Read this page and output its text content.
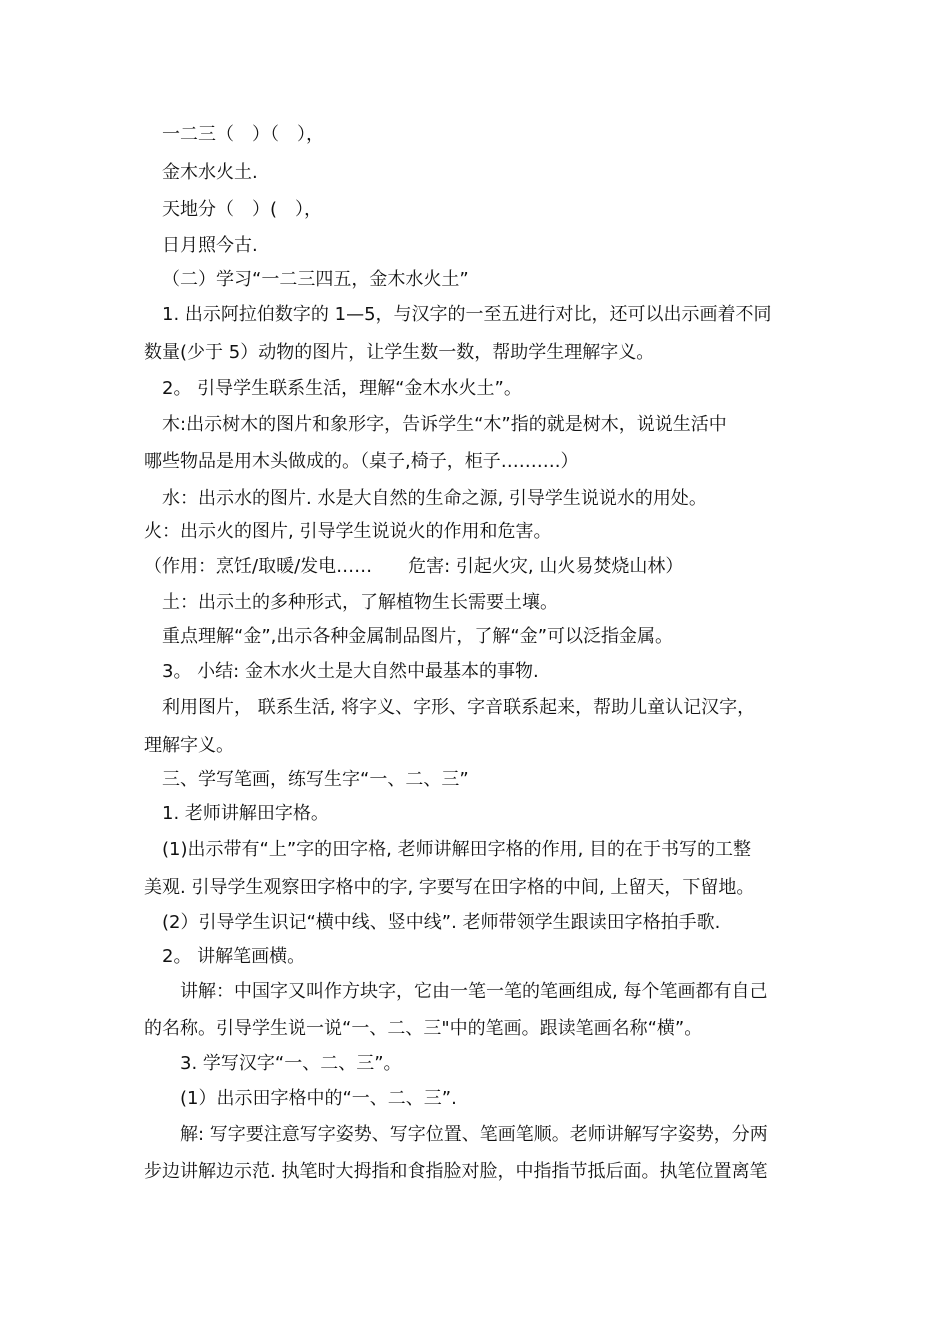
一二三（　）（　），
金木水火土.
天地分（　）(　），
日月照今古.
（二）学习“一二三四五，金木水火土”
1. 出示阿拉伯数字的 1—5，与汉字的一至五进行对比，还可以出示画着不同
数量(少于 5）动物的图片，让学生数一数，帮助学生理解字义。
2。 引导学生联系生活，理解“金木水火土”。
木:出示树木的图片和象形字，告诉学生“木”指的就是树木，说说生活中
哪些物品是用木头做成的。（桌子,椅子，柜子……….）
水：出示水的图片. 水是大自然的生命之源, 引导学生说说水的用处。
火：出示火的图片, 引导学生说说火的作用和危害。
（作用：烹饪/取暖/发电……　　危害: 引起火灾, 山火易焚烧山林）
土：出示土的多种形式，了解植物生长需要土壤。
重点理解“金”,出示各种金属制品图片，了解“金”可以泛指金属。
3。 小结: 金木水火土是大自然中最基本的事物.
利用图片， 联系生活, 将字义、字形、字音联系起来，帮助儿童认记汉字，
理解字义。
三、学写笔画，练写生字“一、二、三”
1. 老师讲解田字格。
(1)出示带有“上”字的田字格, 老师讲解田字格的作用, 目的在于书写的工整
美观. 引导学生观察田字格中的字, 字要写在田字格的中间, 上留天，下留地。
(2）引导学生识记“横中线、竖中线”. 老师带领学生跟读田字格拍手歌.
2。 讲解笔画横。
讲解：中国字又叫作方块字，它由一笔一笔的笔画组成, 每个笔画都有自己
的名称。引导学生说一说“一、二、三"中的笔画。跟读笔画名称“横”。
3. 学写汉字“一、二、三”。
(1）出示田字格中的“一、二、三”.
解: 写字要注意写字姿势、写字位置、笔画笔顺。老师讲解写字姿势，分两
步边讲解边示范. 执笔时大拇指和食指脸对脸，中指指节抵后面。执笔位置离笔
